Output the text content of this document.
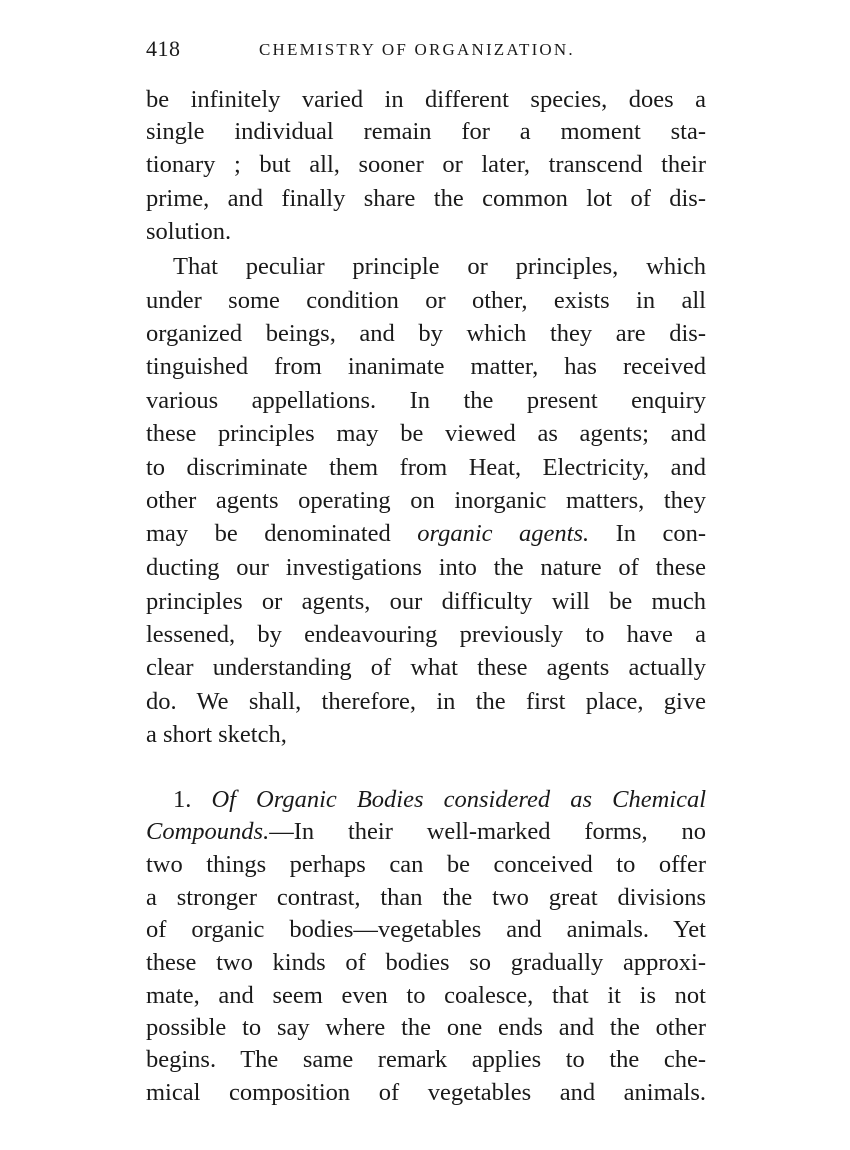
418	CHEMISTRY OF ORGANIZATION.
be infinitely varied in different species, does a
single individual remain for a moment sta-
tionary ; but all, sooner or later, transcend their
prime, and finally share the common lot of dis-
solution.
That peculiar principle or principles, which
under some condition or other, exists in all
organized beings, and by which they are dis-
tinguished from inanimate matter, has received
various appellations. In the present enquiry
these principles may be viewed as agents; and
to discriminate them from Heat, Electricity, and
other agents operating on inorganic matters, they
may be denominated organic agents. In con-
ducting our investigations into the nature of these
principles or agents, our difficulty will be much
lessened, by endeavouring previously to have a
clear understanding of what these agents actually
do. We shall, therefore, in the first place, give
a short sketch,
1. Of Organic Bodies considered as Chemical
Compounds.—In their well-marked forms, no
two things perhaps can be conceived to offer
a stronger contrast, than the two great divisions
of organic bodies—vegetables and animals. Yet
these two kinds of bodies so gradually approxi-
mate, and seem even to coalesce, that it is not
possible to say where the one ends and the other
begins. The same remark applies to the che-
mical composition of vegetables and animals.
